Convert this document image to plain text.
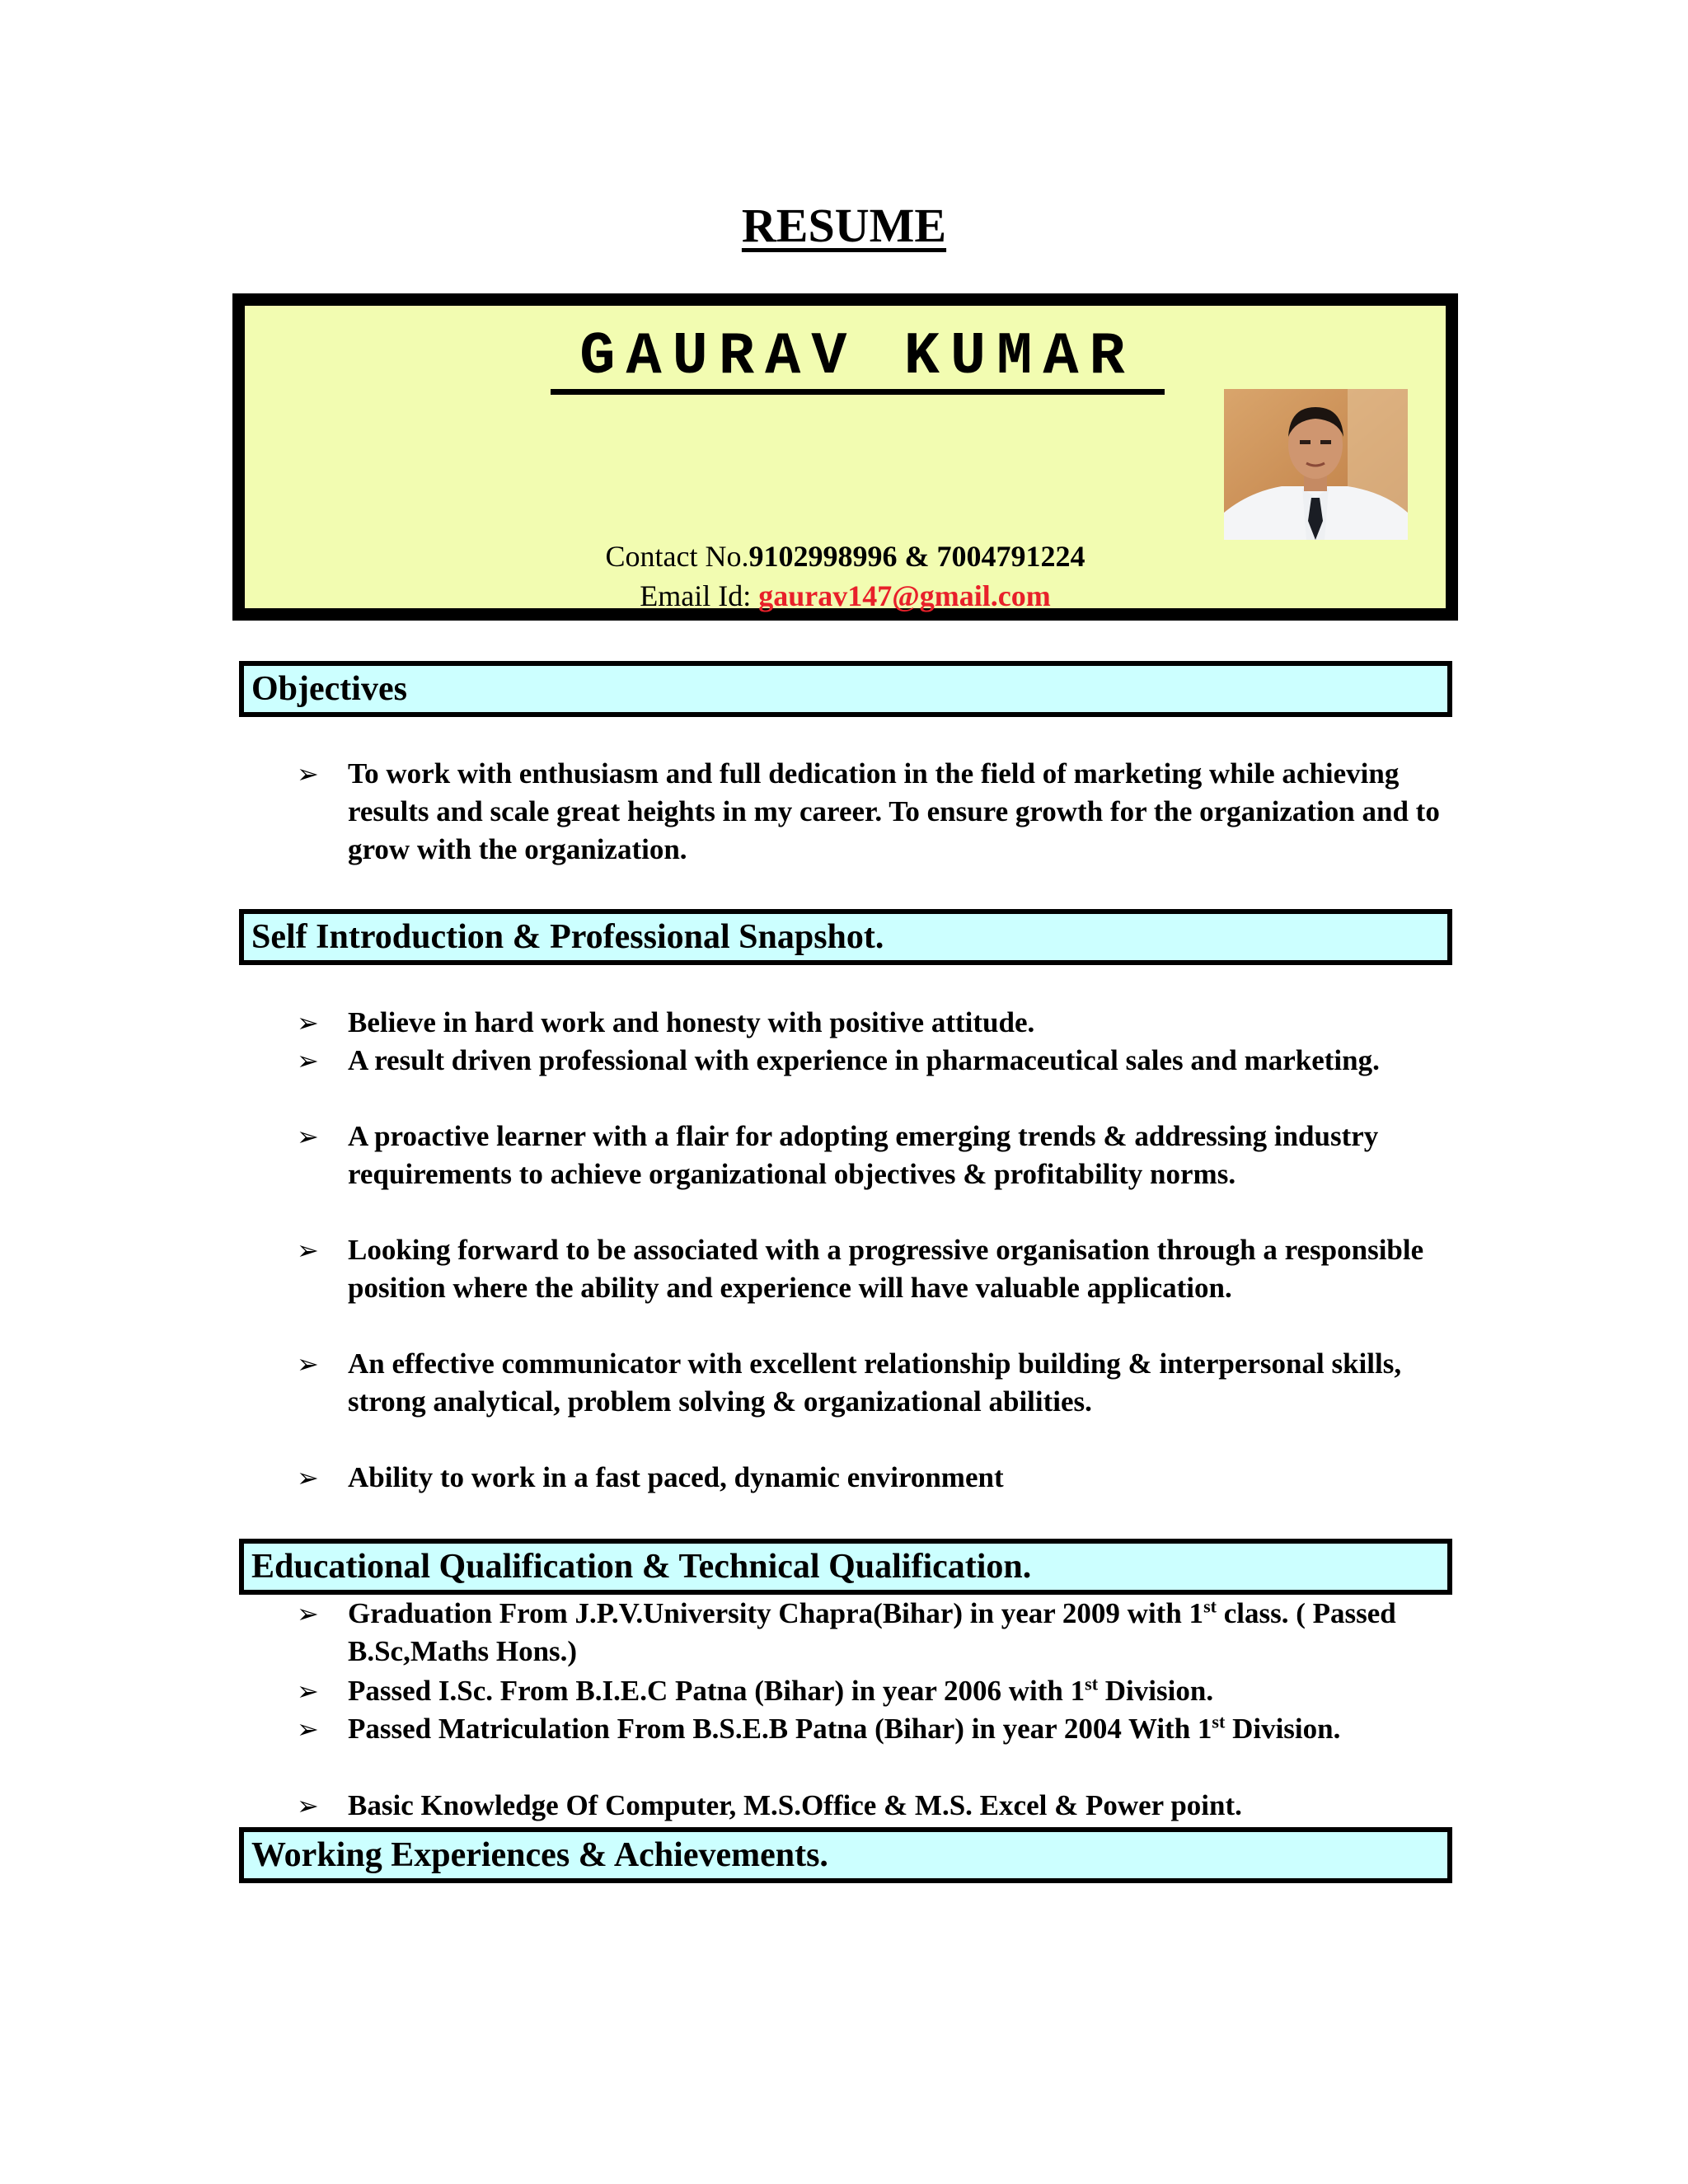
RESUME
GAURAV KUMAR
Contact No.9102998996 & 7004791224
Email Id: gaurav147@gmail.com
Objectives
➢ To work with enthusiasm and full dedication in the field of marketing while achieving results and scale great heights in my career. To ensure growth for the organization and to grow with the organization.
Self Introduction & Professional Snapshot.
➢ Believe in hard work and honesty with positive attitude.
➢ A result driven professional with experience in pharmaceutical sales and marketing.
➢ A proactive learner with a flair for adopting emerging trends & addressing industry requirements to achieve organizational objectives & profitability norms.
➢ Looking forward to be associated with a progressive organisation through a responsible position where the ability and experience will have valuable application.
➢ An effective communicator with excellent relationship building & interpersonal skills, strong analytical, problem solving & organizational abilities.
➢ Ability to work in a fast paced, dynamic environment
Educational Qualification & Technical Qualification.
➢ Graduation From J.P.V.University Chapra(Bihar) in year 2009 with 1st class. ( Passed B.Sc,Maths Hons.)
➢ Passed I.Sc. From B.I.E.C Patna (Bihar) in year 2006 with 1st Division.
➢ Passed Matriculation From B.S.E.B Patna (Bihar) in year 2004 With 1st Division.
➢ Basic Knowledge Of Computer, M.S.Office & M.S. Excel & Power point.
Working Experiences & Achievements.
